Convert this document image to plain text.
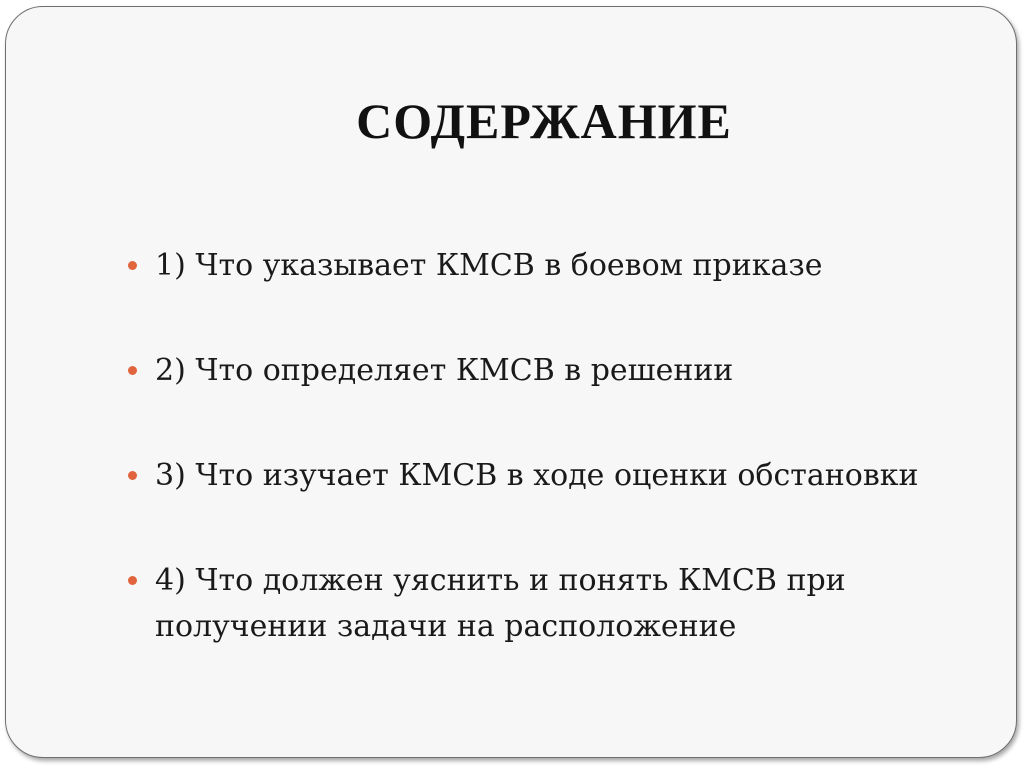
СОДЕРЖАНИЕ
1) Что указывает КМСВ в боевом приказе
2) Что определяет КМСВ в решении
3) Что изучает КМСВ в ходе оценки обстановки
4) Что должен уяснить и понять КМСВ при получении задачи на расположение
